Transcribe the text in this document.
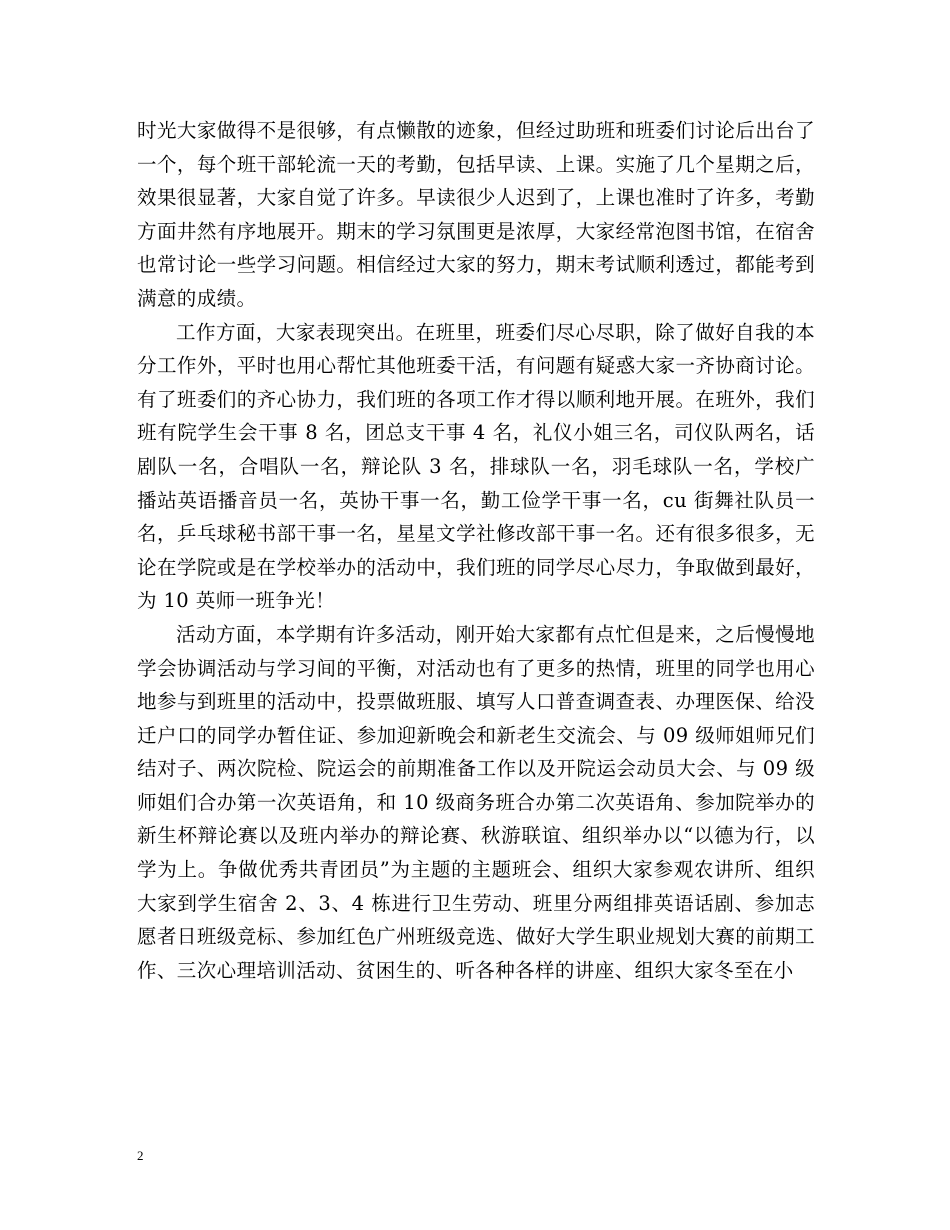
时光大家做得不是很够，有点懒散的迹象，但经过助班和班委们讨论后出台了一个，每个班干部轮流一天的考勤，包括早读、上课。实施了几个星期之后，效果很显著，大家自觉了许多。早读很少人迟到了，上课也准时了许多，考勤方面井然有序地展开。期末的学习氛围更是浓厚，大家经常泡图书馆，在宿舍也常讨论一些学习问题。相信经过大家的努力，期末考试顺利透过，都能考到满意的成绩。

工作方面，大家表现突出。在班里，班委们尽心尽职，除了做好自我的本分工作外，平时也用心帮忙其他班委干活，有问题有疑惑大家一齐协商讨论。有了班委们的齐心协力，我们班的各项工作才得以顺利地开展。在班外，我们班有院学生会干事 8 名，团总支干事 4 名，礼仪小姐三名，司仪队两名，话剧队一名，合唱队一名，辩论队 3 名，排球队一名，羽毛球队一名，学校广播站英语播音员一名，英协干事一名，勤工俭学干事一名，cu 街舞社队员一名，乒乓球秘书部干事一名，星星文学社修改部干事一名。还有很多很多，无论在学院或是在学校举办的活动中，我们班的同学尽心尽力，争取做到最好，为 10 英师一班争光！

活动方面，本学期有许多活动，刚开始大家都有点忙但是来，之后慢慢地学会协调活动与学习间的平衡，对活动也有了更多的热情，班里的同学也用心地参与到班里的活动中，投票做班服、填写人口普查调查表、办理医保、给没迁户口的同学办暂住证、参加迎新晚会和新老生交流会、与 09 级师姐师兄们结对子、两次院检、院运会的前期准备工作以及开院运会动员大会、与 09 级师姐们合办第一次英语角，和 10 级商务班合办第二次英语角、参加院举办的新生杯辩论赛以及班内举办的辩论赛、秋游联谊、组织举办以“以德为行，以学为上。争做优秀共青团员”为主题的主题班会、组织大家参观农讲所、组织大家到学生宿舍 2、3、4 栋进行卫生劳动、班里分两组排英语话剧、参加志愿者日班级竞标、参加红色广州班级竞选、做好大学生职业规划大赛的前期工作、三次心理培训活动、贫困生的、听各种各样的讲座、组织大家冬至在小

2
